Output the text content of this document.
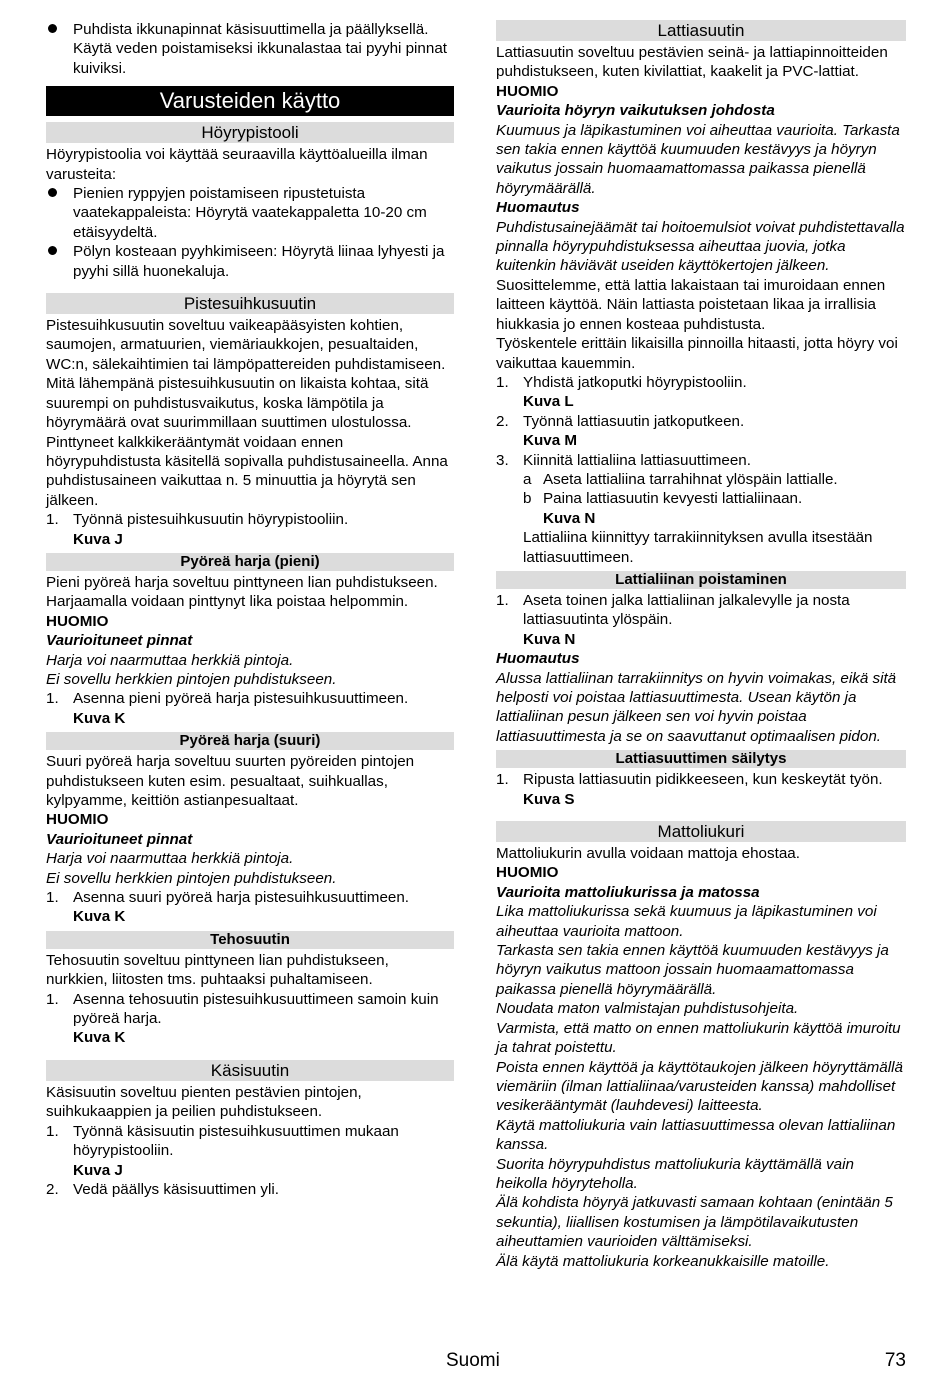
Puhdista ikkunapinnat käsisuuttimella ja päällyksellä. Käytä veden poistamiseksi ikkunalastaa tai pyyhi pinnat kuiviksi.
Varusteiden käytto
Höyrypistooli

Höyrypistoolia voi käyttää seuraavilla käyttöalueilla ilman varusteita:

Pienien ryppyjen poistamiseen ripustetuista vaatekappaleista: Höyrytä vaatekappaletta 10-20 cm etäisyydeltä.
Pölyn kosteaan pyyhkimiseen: Höyrytä liinaa lyhyesti ja pyyhi sillä huonekaluja.
Pistesuihkusuutin

Pistesuihkusuutin soveltuu vaikeapääsyisten kohtien, saumojen, armatuurien, viemäriaukkojen, pesualtaiden, WC:n, sälekaihtimien tai lämpöpattereiden puhdistamiseen. Mitä lähempänä pistesuihkusuutin on likaista kohtaa, sitä suurempi on puhdistusvaikutus, koska lämpötila ja höyrymäärä ovat suurimmillaan suuttimen ulostulossa. Pinttyneet kalkkikerääntymät voidaan ennen höyrypuhdistusta käsitellä sopivalla puhdistusaineella. Anna puhdistusaineen vaikuttaa n. 5 minuuttia ja höyrytä sen jälkeen.

1. Työnnä pistesuihkusuutin höyrypistooliin.
Kuva J
Pyöreä harja (pieni)

Pieni pyöreä harja soveltuu pinttyneen lian puhdistukseen. Harjaamalla voidaan pinttynyt lika poistaa helpommin.

HUOMIO
Vaurioituneet pinnat
Harja voi naarmuttaa herkkiä pintoja.
Ei sovellu herkkien pintojen puhdistukseen.
1. Asenna pieni pyöreä harja pistesuihkusuuttimeen.
Kuva K
Pyöreä harja (suuri)

Suuri pyöreä harja soveltuu suurten pyöreiden pintojen puhdistukseen kuten esim. pesualtaat, suihkuallas, kylpyamme, keittiön astianpesualtaat.

HUOMIO
Vaurioituneet pinnat
Harja voi naarmuttaa herkkiä pintoja.
Ei sovellu herkkien pintojen puhdistukseen.
1. Asenna suuri pyöreä harja pistesuihkusuuttimeen.
Kuva K
Tehosuutin

Tehosuutin soveltuu pinttyneen lian puhdistukseen, nurkkien, liitosten tms. puhtaaksi puhaltamiseen.

1. Asenna tehosuutin pistesuihkusuuttimeen samoin kuin pyöreä harja.
Kuva K
Käsisuutin

Käsisuutin soveltuu pienten pestävien pintojen, suihkukaappien ja peilien puhdistukseen.

1. Työnnä käsisuutin pistesuihkusuuttimen mukaan höyrypistooliin.
Kuva J
2. Vedä päällys käsisuuttimen yli.
Lattiasuutin

Lattiasuutin soveltuu pestävien seinä- ja lattiapinnoitteiden puhdistukseen, kuten kivilattiat, kaakelit ja PVC-lattiat.

HUOMIO
Vaurioita höyryn vaikutuksen johdosta
Kuumuus ja läpikastuminen voi aiheuttaa vaurioita. Tarkasta sen takia ennen käyttöä kuumuuden kestävyys ja höyryn vaikutus jossain huomaamattomassa paikassa pienellä höyrymäärällä.
Huomautus
Puhdistusainejäämät tai hoitoemulsiot voivat puhdistettavalla pinnalla höyrypuhdistuksessa aiheuttaa juovia, jotka kuitenkin häviävät useiden käyttökertojen jälkeen.

Suosittelemme, että lattia lakaistaan tai imuroidaan ennen laitteen käyttöä. Näin lattiasta poistetaan likaa ja irrallisia hiukkasia jo ennen kosteaa puhdistusta.

Työskentele erittäin likaisilla pinnoilla hitaasti, jotta höyry voi vaikuttaa kauemmin.

1. Yhdistä jatkoputki höyrypistooliin.
Kuva L
2. Työnnä lattiasuutin jatkoputkeen.
Kuva M
3. Kiinnitä lattialiina lattiasuuttimeen.
a Aseta lattialiina tarrahihnat ylöspäin lattialle.
b Paina lattiasuutin kevyesti lattialiinaan.
Kuva N
Lattialiina kiinnittyy tarrakiinnityksen avulla itsestään lattiasuuttimeen.
Lattialiinan poistaminen
1. Aseta toinen jalka lattialiinan jalkalevylle ja nosta lattiasuutinta ylöspäin.
Kuva N
Huomautus
Alussa lattialiinan tarrakiinnitys on hyvin voimakas, eikä sitä helposti voi poistaa lattiasuuttimesta. Usean käytön ja lattialiinan pesun jälkeen sen voi hyvin poistaa lattiasuuttimesta ja se on saavuttanut optimaalisen pidon.
Lattiasuuttimen säilytys
1. Ripusta lattiasuutin pidikkeeseen, kun keskeytät työn.
Kuva S
Mattoliukuri

Mattoliukurin avulla voidaan mattoja ehostaa.

HUOMIO
Vaurioita mattoliukurissa ja matossa
Lika mattoliukurissa sekä kuumuus ja läpikastuminen voi aiheuttaa vaurioita mattoon.
Tarkasta sen takia ennen käyttöä kuumuuden kestävyys ja höyryn vaikutus mattoon jossain huomaamattomassa paikassa pienellä höyrymäärällä.
Noudata maton valmistajan puhdistusohjeita.
Varmista, että matto on ennen mattoliukurin käyttöä imuroitu ja tahrat poistettu.
Poista ennen käyttöä ja käyttötaukojen jälkeen höyryttämällä viemäriin (ilman lattialiinaa/varusteiden kanssa) mahdolliset vesikerääntymät (lauhdevesi) laitteesta.
Käytä mattoliukuria vain lattiasuuttimessa olevan lattialiinan kanssa.
Suorita höyrypuhdistus mattoliukuria käyttämällä vain heikolla höyryteholla.
Älä kohdista höyryä jatkuvasti samaan kohtaan (enintään 5 sekuntia), liiallisen kostumisen ja lämpötilavaikutusten aiheuttamien vaurioiden välttämiseksi.
Älä käytä mattoliukuria korkeanukkaisille matoille.
Suomi	73
